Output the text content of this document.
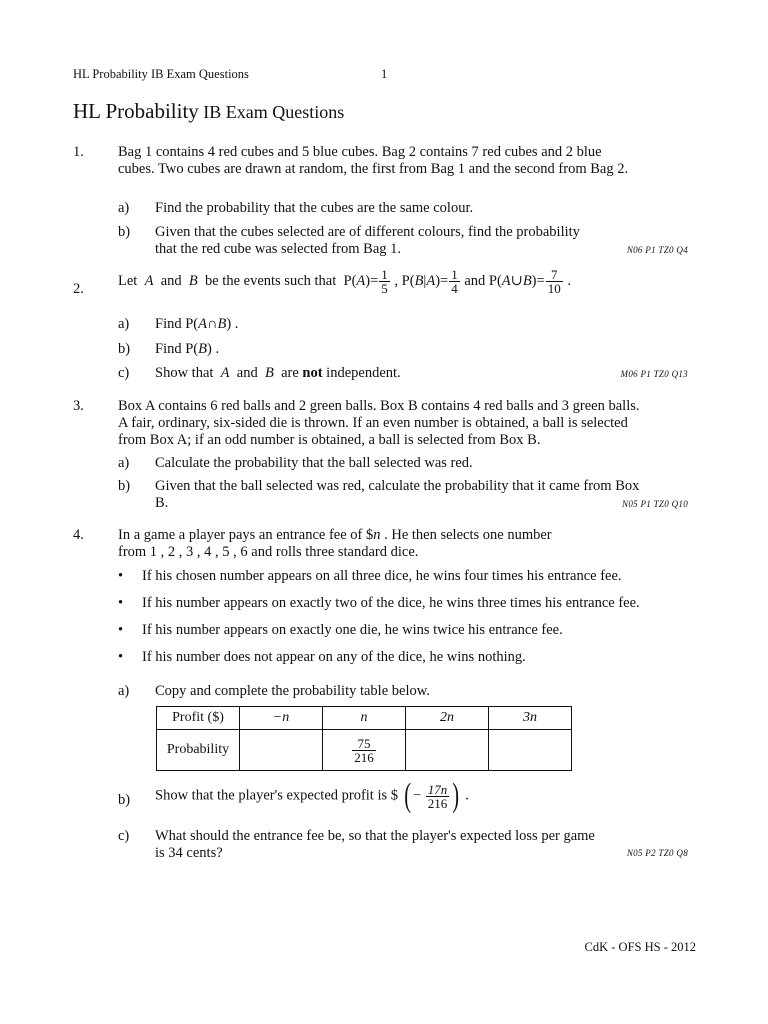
HL Probability IB Exam Questions	1
HL Probability IB Exam Questions
1. Bag 1 contains 4 red cubes and 5 blue cubes. Bag 2 contains 7 red cubes and 2 blue cubes. Two cubes are drawn at random, the first from Bag 1 and the second from Bag 2.
a) Find the probability that the cubes are the same colour.
b) Given that the cubes selected are of different colours, find the probability that the red cube was selected from Bag 1.	N06 P1 TZ0 Q4
2.
Let A and B be the events such that $P(A)= \frac{1}{5}$ , $P(B|A)= \frac{1}{4}$ and P(A∪B)= $\frac{7}{10}$ .
a) Find P(A∩B) .
b) Find P(B) .
c) Show that A and B are not independent.	M06 P1 TZ0 Q13
3. Box A contains 6 red balls and 2 green balls. Box B contains 4 red balls and 3 green balls. A fair, ordinary, six-sided die is thrown. If an even number is obtained, a ball is selected from Box A; if an odd number is obtained, a ball is selected from Box B.
a) Calculate the probability that the ball selected was red.
b) Given that the ball selected was red, calculate the probability that it came from Box B.	N05 P1 TZ0 Q10
4. In a game a player pays an entrance fee of $n . He then selects one number
from 1 , 2 , 3 , 4 , 5 , 6 and rolls three standard dice.
• If his chosen number appears on all three dice, he wins four times his entrance fee.
• If his number appears on exactly two of the dice, he wins three times his entrance fee.
• If his number appears on exactly one die, he wins twice his entrance fee.
• If his number does not appear on any of the dice, he wins nothing.
a) Copy and complete the probability table below.
Profit ($)	−n	n	2n	3n
Probability		$\frac{75}{216}$

b) Show that the player's expected profit is $ ( − $\frac{17n}{216}$ ) .
c) What should the entrance fee be, so that the player's expected loss per game is 34 cents?	N05 P2 TZ0 Q8
CdK - OFS HS - 2012
